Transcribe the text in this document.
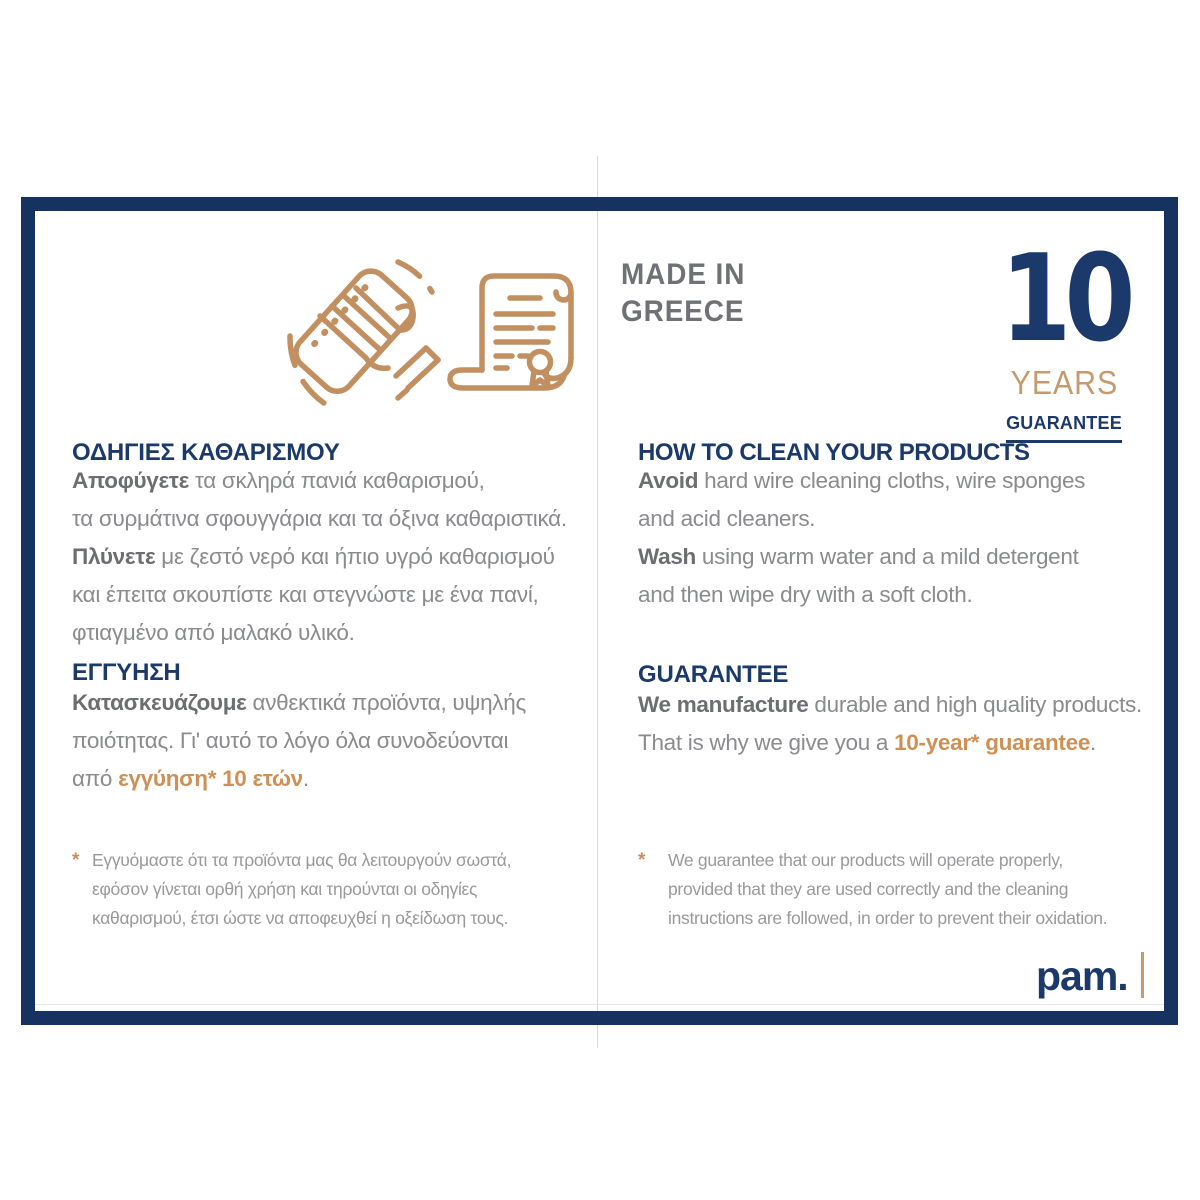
MADE IN
GREECE 10
YEARS
GUARANTEE
ΟΔΗΓΙΕΣ ΚΑΘΑΡΙΣΜΟΥ

Αποφύγετε τα σκληρά πανιά καθαρισμού,
τα συρμάτινα σφουγγάρια και τα όξινα καθαριστικά.
Πλύνετε με ζεστό νερό και ήπιο υγρό καθαρισμού
και έπειτα σκουπίστε και στεγνώστε με ένα πανί,
φτιαγμένο από μαλακό υλικό.

ΕΓΓΥΗΣΗ

Κατασκευάζουμε ανθεκτικά προϊόντα, υψηλής
ποιότητας. Γι' αυτό το λόγο όλα συνοδεύονται
από εγγύηση* 10 ετών.

* Εγγυόμαστε ότι τα προϊόντα μας θα λειτουργούν σωστά,
εφόσον γίνεται ορθή χρήση και τηρούνται οι οδηγίες
καθαρισμού, έτσι ώστε να αποφευχθεί η οξείδωση τους.
HOW TO CLEAN YOUR PRODUCTS

Avoid hard wire cleaning cloths, wire sponges
and acid cleaners.
Wash using warm water and a mild detergent
and then wipe dry with a soft cloth.

GUARANTEE

We manufacture durable and high quality products.
That is why we give you a 10-year* guarantee.

*	We guarantee that our products will operate properly,
provided that they are used correctly and the cleaning
instructions are followed, in order to prevent their oxidation.
pam.
